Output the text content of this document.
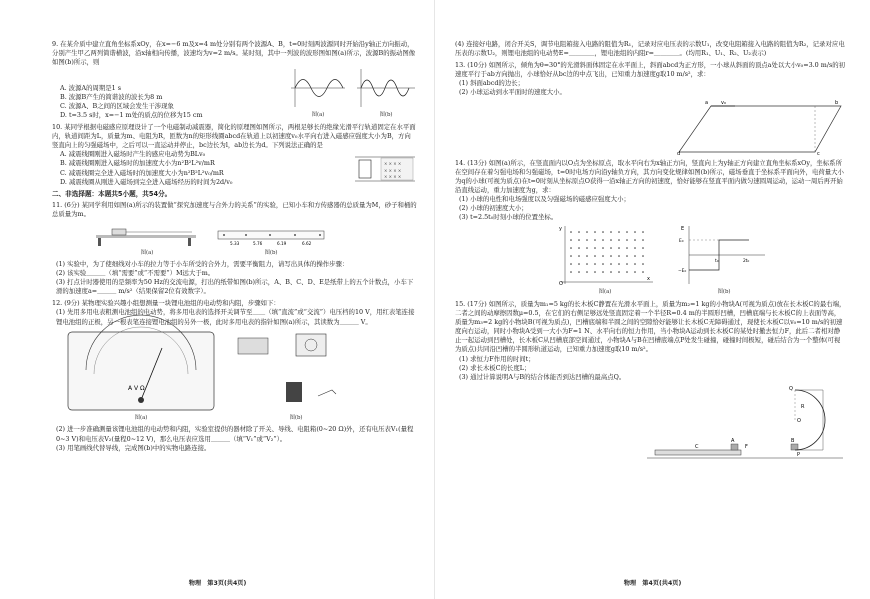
9. 在某介质中建立直角坐标系xOy，在x=−6 m及x=4 m处分别有两个波源A、B，t=0时刻两波源同时开始沿y轴正方向振动，分别产生甲乙两列简谐横波，沿x轴相向传播，波速均为v=2 m/s。某时刻，其中一列波的波形图如图(a)所示，波源B的振动图像如图(b)所示，则

A. 波源A的周期是1 s

B. 波源B产生的简谐波的波长为8 m

C. 波源A、B之间的区域会发生干涉现象

D. t=3.5 s时，x=−1 m处的质点的位移为15 cm	图(a)	图(b)

10. 某同学根据电磁感应原理设计了一个电磁制动减震器，简化的原理图如图所示，两根足够长的绝缘光滑平行轨道固定在水平面内，轨道间距为L，质量为m、电阻为R，匝数为n的矩形线圈abcd在轨道上以初速度v₀水平向右进入磁感应强度大小为B，方向竖直向上的匀强磁场中，之后可以一直运动并停止，bc边长为l，ab边长为d。下列说法正确的是

A. 减震线圈刚进入磁场时产生的感应电动势为BLv₀

B. 减震线圈刚进入磁场时的加速度大小为n²B²L²v/mR

C. 减震线圈完全进入磁场时的加速度大小为n²B²L²v₀/mR

D. 减震线圈从刚进入磁场到完全进入磁场经历的时间为2d/v₀

× × × ×
× × × ×
× × × ×

二、非选择题：本题共5小题，共54分。

11. (6分) 某同学利用如图(a)所示的装置做“探究加速度与合外力的关系”的实验，已知小车和方传感器的总质量为M，砂子和桶的总质量为m。

图(a)
5.33	5.76	6.19	6.62
图(b)

(1) 实验中，为了使细线对小车的拉力等于小车所受的合外力，需要平衡阻力，请写出具体的操作步骤：

(2) 该实验＿＿＿（填“需要”或“不需要”）M远大于m。

(3) 打点计时器使用的是频率为50 Hz的交流电源，打出的纸带如图(b)所示，A、B、C、D、E是纸带上的五个计数点，小车下滑的加速度a=＿＿＿ m/s²（结果保留2位有效数字）。

12. (9分) 某物理实验兴趣小组想测量一块锂电池组的电动势和内阻，步骤如下：

(1) 先用多用电表粗测电池组的电动势，将多用电表的选择开关调节至＿＿（填“直流”或“交流”）电压档的10 V，用红表笔连接锂电池组的正极，另一根表笔连接锂电池组的另外一极，此时多用电表的指针如图(a)所示，其读数为＿＿＿ V。

A V Ω
图(a)	图(b)

(2) 进一步准确测量该锂电池组的电动势和内阻，实验室提供的器材除了开关、导线、电阻箱(0~20 Ω)外，还有电压表V₁(量程0~3 V)和电压表V₂(量程0~12 V)，那么电压表应选用＿＿＿（填“V₁”或“V₂”）。

(3) 用笔画线代替导线，完成图(b)中的实物电路连接。

物理　第3页(共4页)

(4) 连接好电路，闭合开关S，调节电阻箱接入电路的阻值为R₁，记录对应电压表的示数U₁，改变电阻箱接入电路的阻值为R₂，记录对应电压表的示数U₂，则锂电池组的电动势E=＿＿＿＿，锂电池组的内阻r=＿＿＿＿。(均用R₁、U₁、R₂、U₂表示)

13. (10分) 如图所示，倾角为θ=30°的光滑斜面体固定在水平面上，斜面abcd为正方形，一小球从斜面的顶点a处以大小v₀=3.0 m/s的初速度平行于ab方向抛出，小球恰好从bc边的中点飞出，已知重力加速度g取10 m/s²，求：

(1) 斜面abcd的边长；

(2) 小球运动到水平面时的速度大小。

a	b
c
d
v₀

14. (13分) 如图(a)所示，在竖直面内以O点为坐标原点，取水平向右为x轴正方向，竖直向上为y轴正方向建立直角坐标系xOy，坐标系所在空间存在着匀强电场和匀强磁场，t=0时电场方向沿y轴负方向，其方向变化规律如图(b)所示，磁场垂直于坐标系平面向外，电荷量大小为q的小球(可视为质点)在t=0时刻从坐标原点O获得一沿x轴正方向的初速度，恰好能够在竖直平面内做匀速圆周运动，运动一周后再开始沿直线运动，重力加速度为g，求：

(1) 小球的电性和电场强度以及匀强磁场的磁感应强度大小；

(2) 小球的初速度大小；

(3) t=2.5t₀时刻小球的位置坐标。

y
x
O
图(a)
E
E₀
−E₀
t₀	2t₀
图(b)

15. (17分) 如图所示，质量为m₁=5 kg的长木板C静置在光滑水平面上，质量为m₂=1 kg的小物块A(可视为质点)放在长木板C的最右端，二者之间的动摩擦因数μ=0.5，在它们的右侧足够远处竖直固定着一个半径R=0.4 m的半圆形凹槽，凹槽底端与长木板C的上表面等高，质量为m₃=2 kg的小物块B(可视为质点)，凹槽底端和半圆之间的空隙恰好能够让长木板C无障碍通过，现使长木板C以v₀=10 m/s的初速度向右运动，同时小物块A受到一大小为F=1 N、水平向右的恒力作用，当小物块A运动到长木板C的某处时撤去恒力F，此后二者相对静止一起运动到凹槽处，长木板C从凹槽底部空间通过，小物块A与B在凹槽底端点P处发生碰撞，碰撞时间极短，碰后结合为一个整体(可视为质点)共同沿凹槽的半圆形轨道运动，已知重力加速度g取10 m/s²。

(1) 求恒力F作用的时间t；

(2) 求长木板C的长度L；

(3) 通过计算说明A与B的结合体能否到达凹槽的最高点Q。

A	B
C	F
O
P
Q
R
物理　第4页(共4页)
